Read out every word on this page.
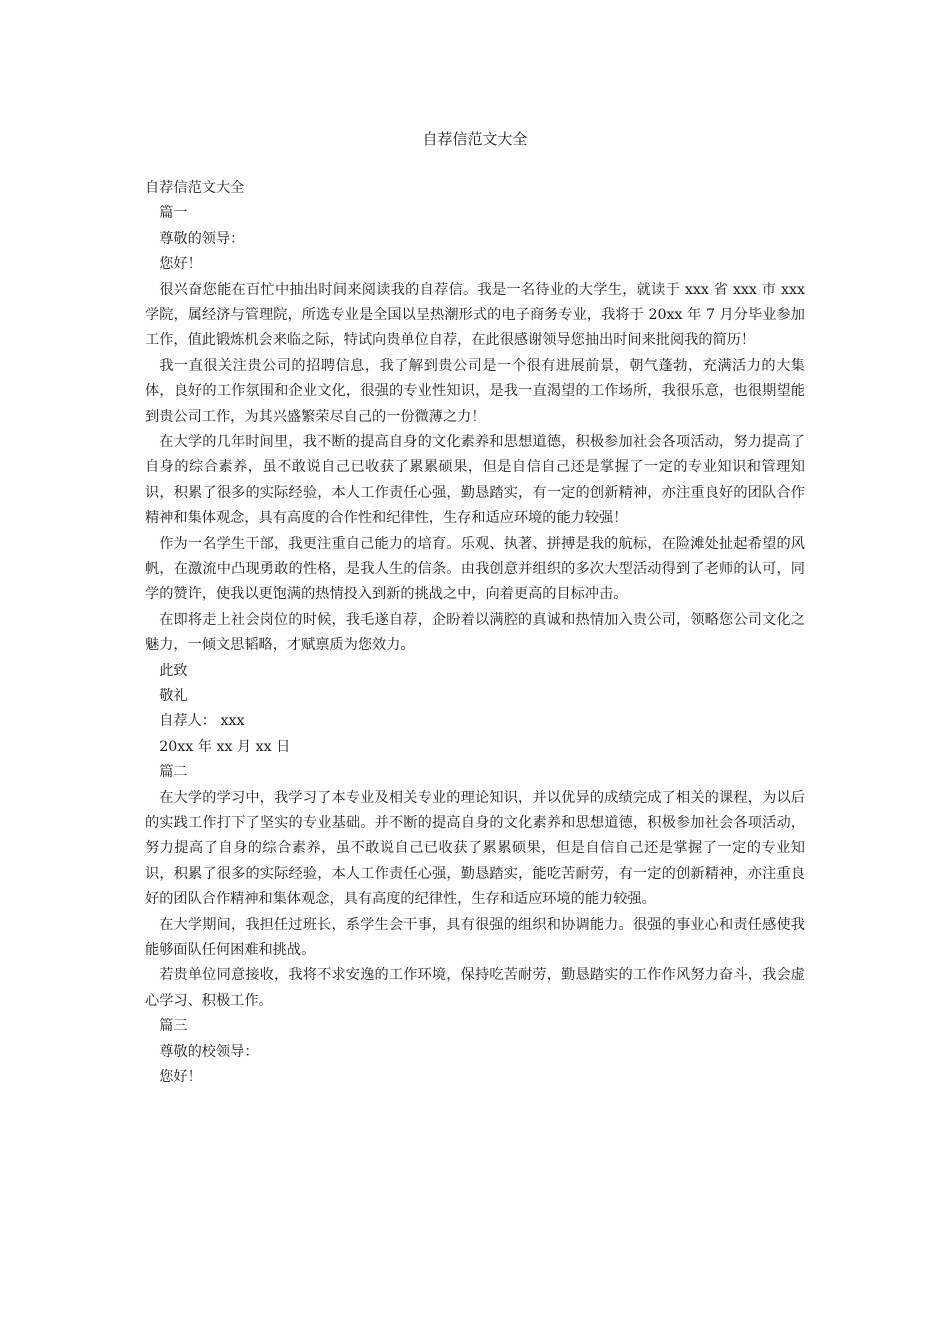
自荐信范文大全
自荐信范文大全
篇一
尊敬的领导：
您好！

很兴奋您能在百忙中抽出时间来阅读我的自荐信。我是一名待业的大学生，就读于 xxx 省 xxx 市 xxx 学院，属经济与管理院，所选专业是全国以呈热潮形式的电子商务专业，我将于 20xx 年 7 月分毕业参加工作，值此锻炼机会来临之际，特试向贵单位自荐，在此很感谢领导您抽出时间来批阅我的简历！

我一直很关注贵公司的招聘信息，我了解到贵公司是一个很有进展前景，朝气蓬勃，充满活力的大集体，良好的工作氛围和企业文化，很强的专业性知识，是我一直渴望的工作场所，我很乐意，也很期望能到贵公司工作，为其兴盛繁荣尽自己的一份微薄之力！

在大学的几年时间里，我不断的提高自身的文化素养和思想道德，积极参加社会各项活动，努力提高了自身的综合素养，虽不敢说自己已收获了累累硕果，但是自信自己还是掌握了一定的专业知识和管理知识，积累了很多的实际经验，本人工作责任心强，勤恳踏实，有一定的创新精神，亦注重良好的团队合作精神和集体观念，具有高度的合作性和纪律性，生存和适应环境的能力较强！

作为一名学生干部，我更注重自己能力的培育。乐观、执著、拼搏是我的航标，在险滩处扯起希望的风帆，在激流中凸现勇敢的性格，是我人生的信条。由我创意并组织的多次大型活动得到了老师的认可，同学的赞许，使我以更饱满的热情投入到新的挑战之中，向着更高的目标冲击。

在即将走上社会岗位的时候，我毛遂自荐，企盼着以满腔的真诚和热情加入贵公司，领略您公司文化之魅力，一倾文思韬略，才赋禀质为您效力。

此致
敬礼
自荐人： xxx
20xx 年 xx 月 xx 日
篇二

在大学的学习中，我学习了本专业及相关专业的理论知识，并以优异的成绩完成了相关的课程，为以后的实践工作打下了坚实的专业基础。并不断的提高自身的文化素养和思想道德，积极参加社会各项活动，努力提高了自身的综合素养，虽不敢说自己已收获了累累硕果，但是自信自己还是掌握了一定的专业知识，积累了很多的实际经验，本人工作责任心强，勤恳踏实，能吃苦耐劳，有一定的创新精神，亦注重良好的团队合作精神和集体观念，具有高度的纪律性，生存和适应环境的能力较强。

在大学期间，我担任过班长，系学生会干事，具有很强的组织和协调能力。很强的事业心和责任感使我能够面队任何困难和挑战。

若贵单位同意接收，我将不求安逸的工作环境，保持吃苦耐劳，勤恳踏实的工作作风努力奋斗，我会虚心学习、积极工作。

篇三
尊敬的校领导：
您好！
